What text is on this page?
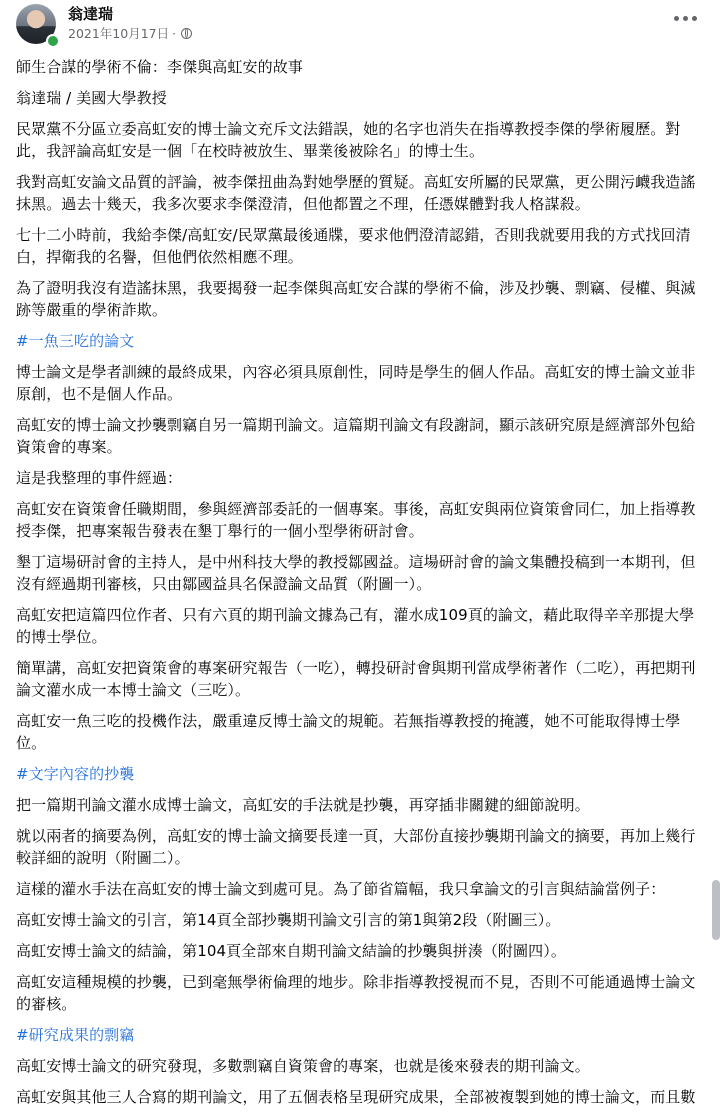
翁達瑞
2021年10月17日 ·

師生合謀的學術不倫：李傑與高虹安的故事

翁達瑞 / 美國大學教授

民眾黨不分區立委高虹安的博士論文充斥文法錯誤，她的名字也消失在指導教授李傑的學術履歷。對此，我評論高虹安是一個「在校時被放生、畢業後被除名」的博士生。

我對高虹安論文品質的評論，被李傑扭曲為對她學歷的質疑。高虹安所屬的民眾黨，更公開污衊我造謠抹黑。過去十幾天，我多次要求李傑澄清，但他都置之不理，任憑媒體對我人格謀殺。

七十二小時前，我給李傑/高虹安/民眾黨最後通牒，要求他們澄清認錯，否則我就要用我的方式找回清白，捍衛我的名譽，但他們依然相應不理。

為了證明我沒有造謠抹黑，我要揭發一起李傑與高虹安合謀的學術不倫，涉及抄襲、剽竊、侵權、與滅跡等嚴重的學術詐欺。

#一魚三吃的論文

博士論文是學者訓練的最終成果，內容必須具原創性，同時是學生的個人作品。高虹安的博士論文並非原創，也不是個人作品。

高虹安的博士論文抄襲剽竊自另一篇期刊論文。這篇期刊論文有段謝詞，顯示該研究原是經濟部外包給資策會的專案。

這是我整理的事件經過：

高虹安在資策會任職期間，參與經濟部委託的一個專案。事後，高虹安與兩位資策會同仁，加上指導教授李傑，把專案報告發表在墾丁舉行的一個小型學術研討會。

墾丁這場研討會的主持人，是中州科技大學的教授鄒國益。這場研討會的論文集體投稿到一本期刊，但沒有經過期刊審核，只由鄒國益具名保證論文品質（附圖一）。

高虹安把這篇四位作者、只有六頁的期刊論文據為己有，灌水成109頁的論文，藉此取得辛辛那提大學的博士學位。

簡單講，高虹安把資策會的專案研究報告（一吃），轉投研討會與期刊當成學術著作（二吃），再把期刊論文灌水成一本博士論文（三吃）。

高虹安一魚三吃的投機作法，嚴重違反博士論文的規範。若無指導教授的掩護，她不可能取得博士學位。

#文字內容的抄襲

把一篇期刊論文灌水成博士論文，高虹安的手法就是抄襲，再穿插非關鍵的細節說明。

就以兩者的摘要為例，高虹安的博士論文摘要長達一頁，大部份直接抄襲期刊論文的摘要，再加上幾行較詳細的說明（附圖二）。

這樣的灌水手法在高虹安的博士論文到處可見。為了節省篇幅，我只拿論文的引言與結論當例子：

高虹安博士論文的引言，第14頁全部抄襲期刊論文引言的第1與第2段（附圖三）。

高虹安博士論文的結論，第104頁全部來自期刊論文結論的抄襲與拼湊（附圖四）。

高虹安這種規模的抄襲，已到毫無學術倫理的地步。除非指導教授視而不見，否則不可能通過博士論文的審核。

#研究成果的剽竊

高虹安博士論文的研究發現，多數剽竊自資策會的專案，也就是後來發表的期刊論文。

高虹安與其他三人合寫的期刊論文，用了五個表格呈現研究成果，全部被複製到她的博士論文，而且數
